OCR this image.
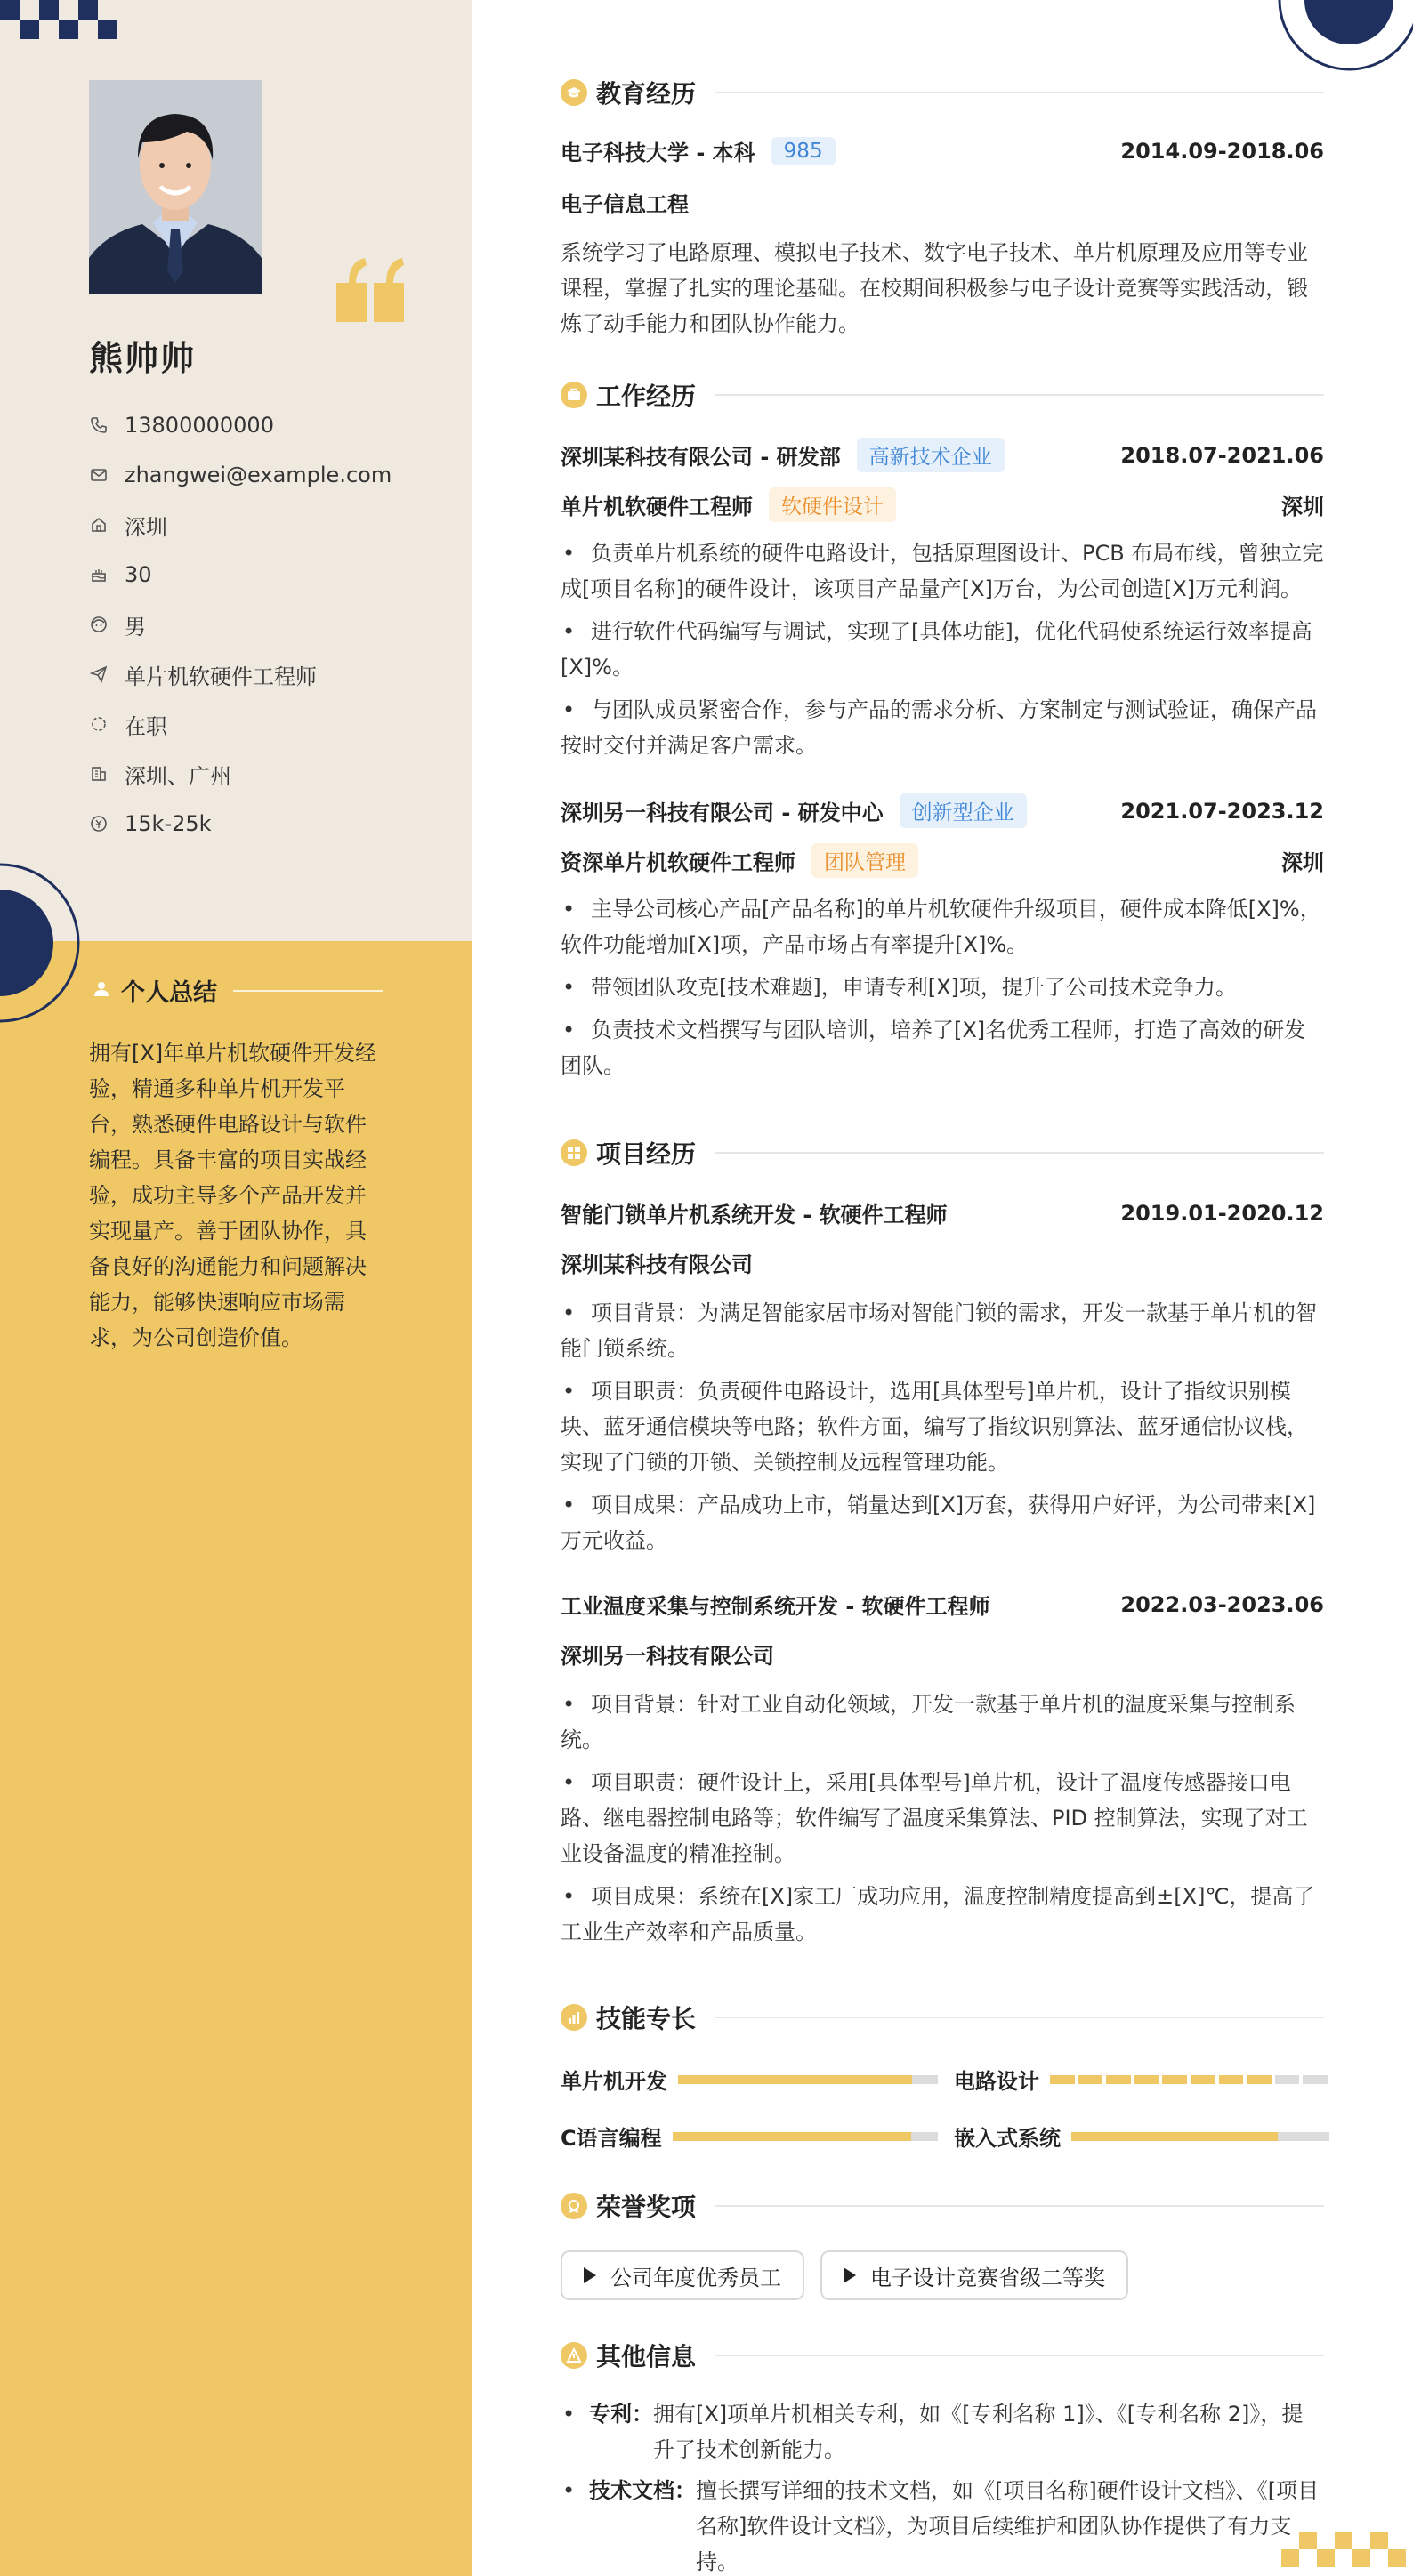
熊帅帅
13800000000
zhangwei@example.com
深圳
30
男
单片机软硬件工程师
在职
深圳、广州
15k-25k
个人总结
拥有[X]年单片机软硬件开发经验，精通多种单片机开发平台，熟悉硬件电路设计与软件编程。具备丰富的项目实战经验，成功主导多个产品开发并实现量产。善于团队协作，具备良好的沟通能力和问题解决能力，能够快速响应市场需求，为公司创造价值。
教育经历
电子科技大学 - 本科	985	2014.09-2018.06
电子信息工程
系统学习了电路原理、模拟电子技术、数字电子技术、单片机原理及应用等专业课程，掌握了扎实的理论基础。在校期间积极参与电子设计竞赛等实践活动，锻炼了动手能力和团队协作能力。
工作经历
深圳某科技有限公司 - 研发部	高新技术企业	2018.07-2021.06
单片机软硬件工程师	软硬件设计	深圳
• 负责单片机系统的硬件电路设计，包括原理图设计、PCB 布局布线，曾独立完成[项目名称]的硬件设计，该项目产品量产[X]万台，为公司创造[X]万元利润。
• 进行软件代码编写与调试，实现了[具体功能]，优化代码使系统运行效率提高[X]%。
• 与团队成员紧密合作，参与产品的需求分析、方案制定与测试验证，确保产品按时交付并满足客户需求。
深圳另一科技有限公司 - 研发中心	创新型企业	2021.07-2023.12
资深单片机软硬件工程师	团队管理	深圳
• 主导公司核心产品[产品名称]的单片机软硬件升级项目，硬件成本降低[X]%，软件功能增加[X]项，产品市场占有率提升[X]%。
• 带领团队攻克[技术难题]，申请专利[X]项，提升了公司技术竞争力。
• 负责技术文档撰写与团队培训，培养了[X]名优秀工程师，打造了高效的研发团队。
项目经历
智能门锁单片机系统开发 - 软硬件工程师	2019.01-2020.12
深圳某科技有限公司
• 项目背景：为满足智能家居市场对智能门锁的需求，开发一款基于单片机的智能门锁系统。
• 项目职责：负责硬件电路设计，选用[具体型号]单片机，设计了指纹识别模块、蓝牙通信模块等电路；软件方面，编写了指纹识别算法、蓝牙通信协议栈，实现了门锁的开锁、关锁控制及远程管理功能。
• 项目成果：产品成功上市，销量达到[X]万套，获得用户好评，为公司带来[X]万元收益。
工业温度采集与控制系统开发 - 软硬件工程师	2022.03-2023.06
深圳另一科技有限公司
• 项目背景：针对工业自动化领域，开发一款基于单片机的温度采集与控制系统。
• 项目职责：硬件设计上，采用[具体型号]单片机，设计了温度传感器接口电路、继电器控制电路等；软件编写了温度采集算法、PID 控制算法，实现了对工业设备温度的精准控制。
• 项目成果：系统在[X]家工厂成功应用，温度控制精度提高到±[X]℃，提高了工业生产效率和产品质量。
技能专长
单片机开发	电路设计
C语言编程	嵌入式系统
荣誉奖项
公司年度优秀员工	电子设计竞赛省级二等奖
其他信息
• 专利： 拥有[X]项单片机相关专利，如《[专利名称 1]》、《[专利名称 2]》，提升了技术创新能力。
• 技术文档： 擅长撰写详细的技术文档，如《[项目名称]硬件设计文档》、《[项目名称]软件设计文档》，为项目后续维护和团队协作提供了有力支持。
